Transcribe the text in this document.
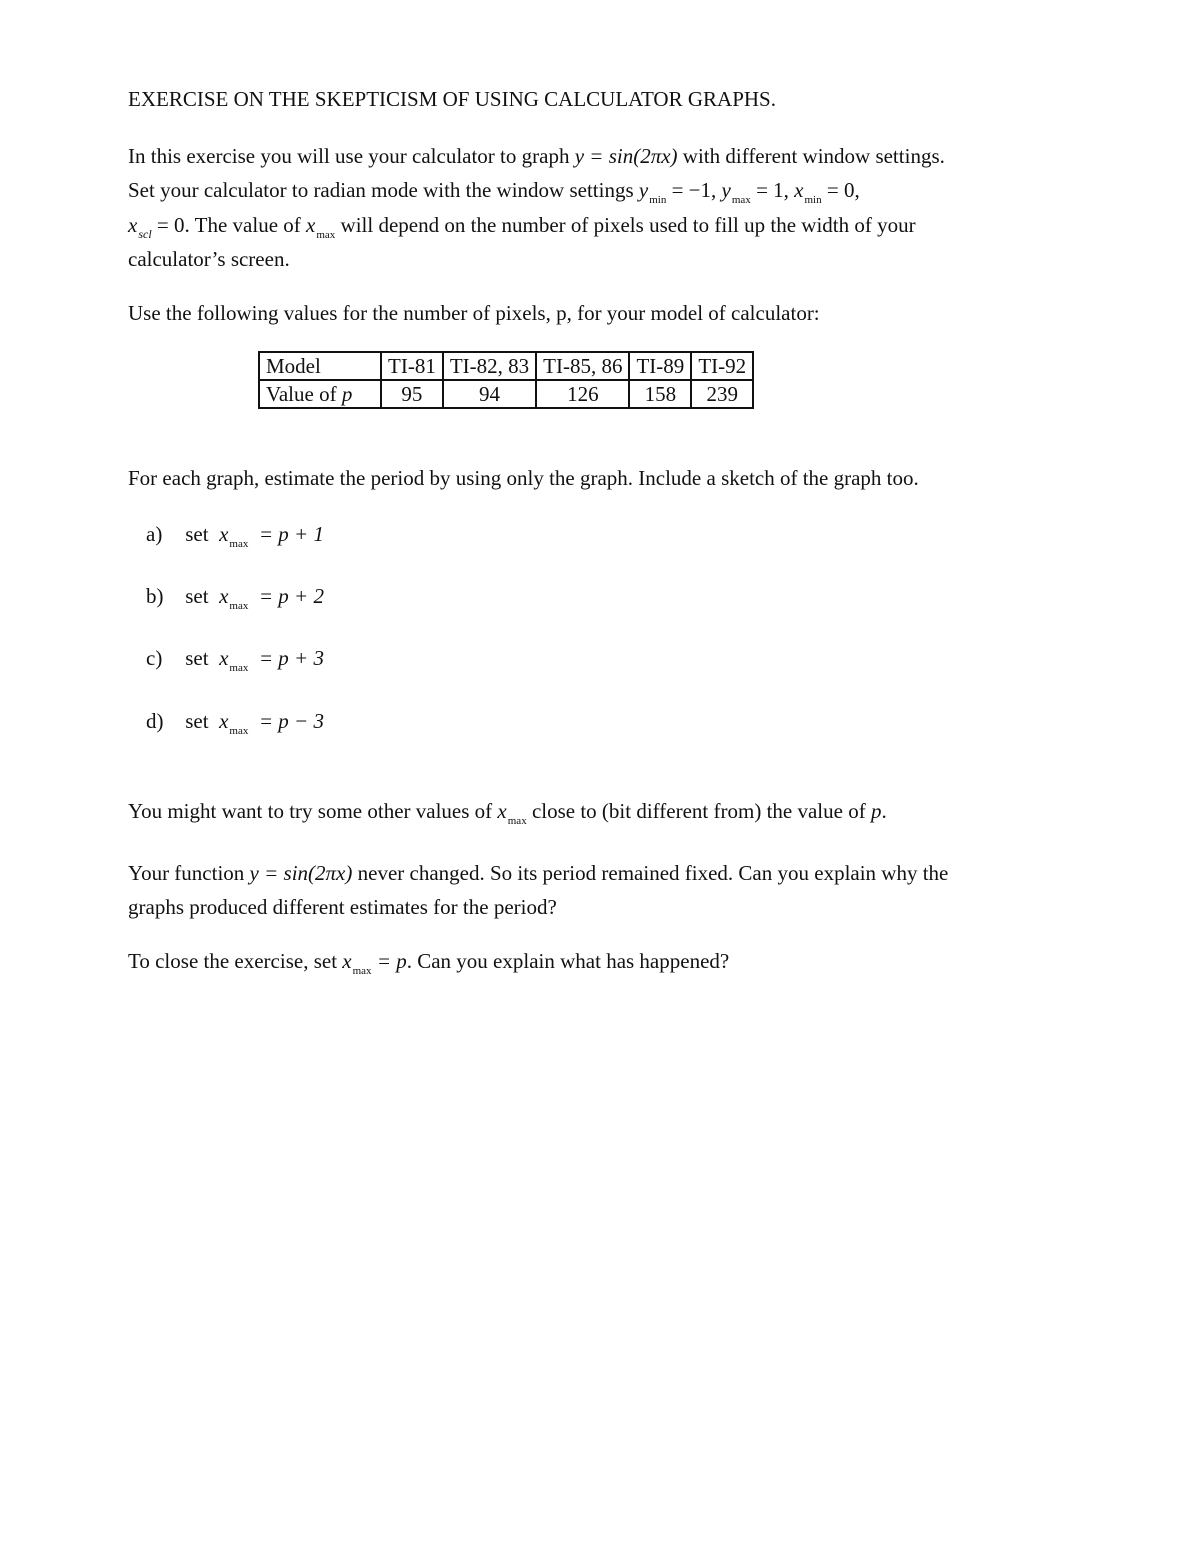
EXERCISE ON THE SKEPTICISM OF USING CALCULATOR GRAPHS.
In this exercise you will use your calculator to graph y = sin(2πx) with different window settings.
Set your calculator to radian mode with the window settings $y_{min} = -1$, $y_{max} = 1$, $x_{min} = 0$,
$x_{scl} = 0$. The value of $x_{max}$ will depend on the number of pixels used to fill up the width of your
calculator’s screen.
Use the following values for the number of pixels, p, for your model of calculator:
Model	TI-81	TI-82, 83	TI-85, 86	TI-89	TI-92
Value of p	95	94	126	158	239
For each graph, estimate the period by using only the graph. Include a sketch of the graph too.
a) set $x_{max} = p + 1$
b) set $x_{max} = p + 2$
c) set $x_{max} = p + 3$
d) set $x_{max} = p - 3$
You might want to try some other values of $x_{max}$ close to (bit different from) the value of p.
Your function y = sin(2πx) never changed. So its period remained fixed. Can you explain why the
graphs produced different estimates for the period?
To close the exercise, set $x_{max} = p$. Can you explain what has happened?
